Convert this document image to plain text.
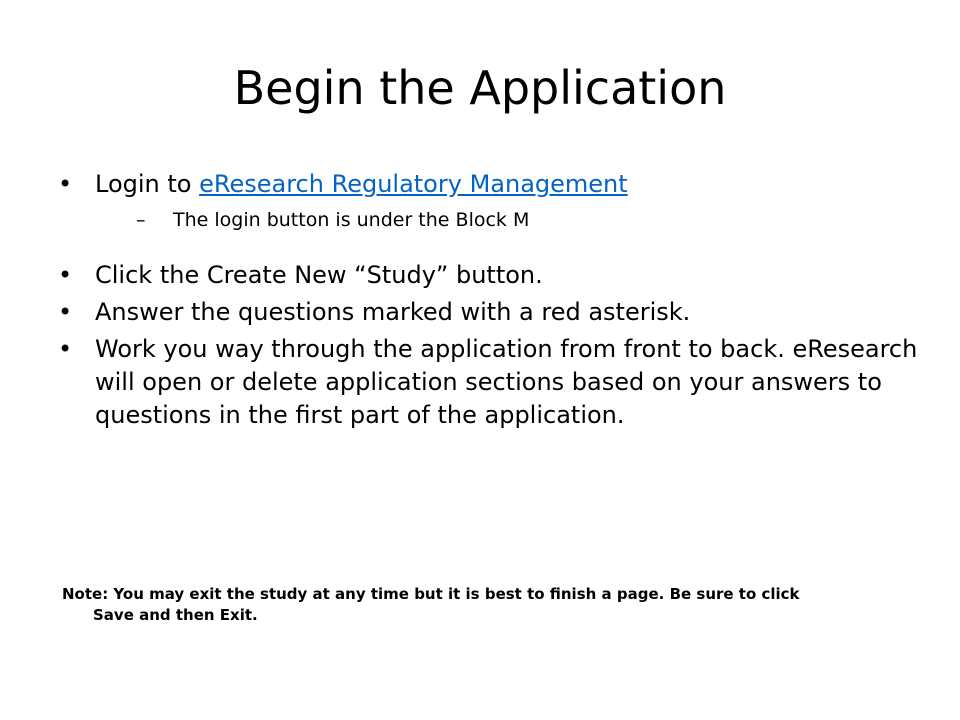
Begin the Application
• Login to eResearch Regulatory Management
– The login button is under the Block M
• Click the Create New “Study” button.
• Answer the questions marked with a red asterisk.
• Work you way through the application from front to back. eResearch will open or delete application sections based on your answers to questions in the first part of the application.
Note: You may exit the study at any time but it is best to finish a page. Be sure to click
Save and then Exit.
